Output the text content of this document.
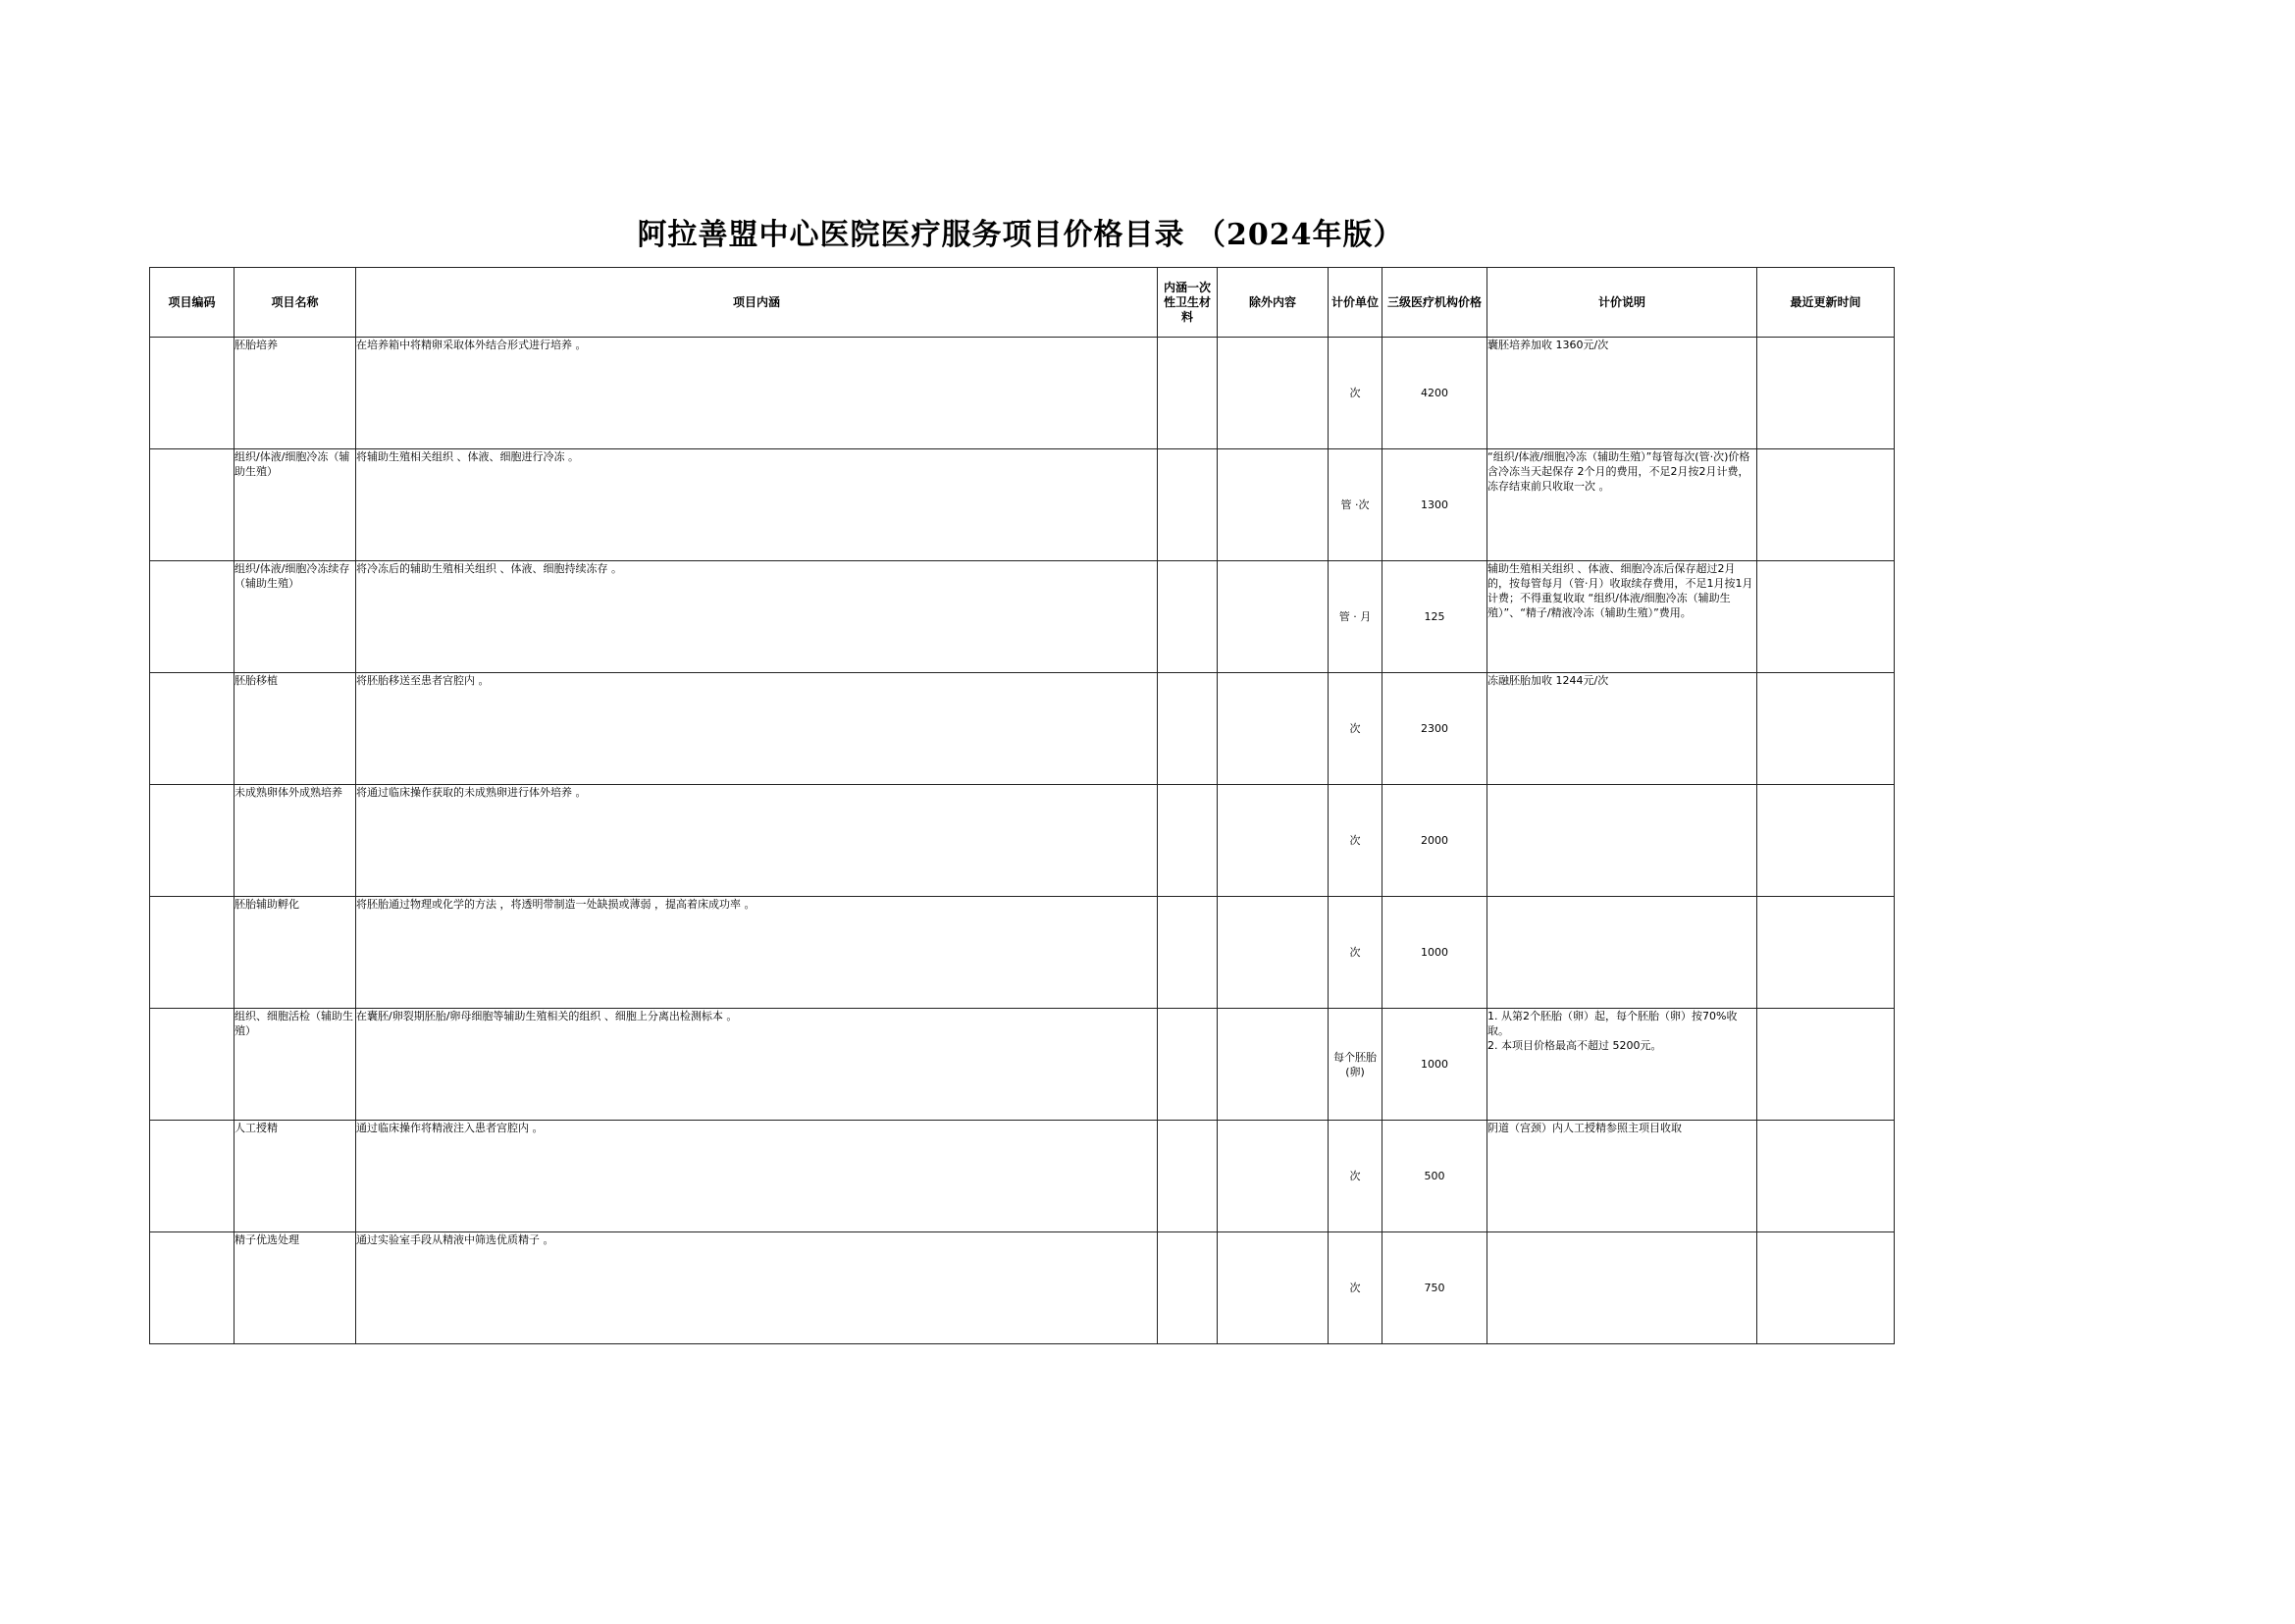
阿拉善盟中心医院医疗服务项目价格目录 （2024年版）
项目编码	项目名称	项目内涵	内涵一次性卫生材料	除外内容	计价单位	三级医疗机构价格	计价说明	最近更新时间
	胚胎培养	在培养箱中将精卵采取体外结合形式进行培养 。			次	4200	囊胚培养加收 1360元/次	
	组织/体液/细胞冷冻（辅助生殖）	将辅助生殖相关组织 、体液、细胞进行冷冻 。			管 ·次	1300	“组织/体液/细胞冷冻（辅助生殖）”每管每次(管·次)价格含冷冻当天起保存 2个月的费用，不足2月按2月计费，冻存结束前只收取一次 。	
	组织/体液/细胞冷冻续存（辅助生殖）	将冷冻后的辅助生殖相关组织 、体液、细胞持续冻存 。			管 · 月	125	辅助生殖相关组织 、体液、细胞冷冻后保存超过2月的，按每管每月（管·月）收取续存费用，不足1月按1月计费；不得重复收取 “组织/体液/细胞冷冻（辅助生殖）”、“精子/精液冷冻（辅助生殖）”费用。	
	胚胎移植	将胚胎移送至患者宫腔内 。			次	2300	冻融胚胎加收 1244元/次	
	未成熟卵体外成熟培养	将通过临床操作获取的未成熟卵进行体外培养 。			次	2000		
	胚胎辅助孵化	将胚胎通过物理或化学的方法 ，将透明带制造一处缺损或薄弱 ，提高着床成功率 。			次	1000		
	组织、细胞活检（辅助生殖）	在囊胚/卵裂期胚胎/卵母细胞等辅助生殖相关的组织 、细胞上分离出检测标本 。			每个胚胎(卵)	1000	1. 从第2个胚胎（卵）起，每个胚胎（卵）按70%收取。
2. 本项目价格最高不超过 5200元。	
	人工授精	通过临床操作将精液注入患者宫腔内 。			次	500	阴道（宫颈）内人工授精参照主项目收取	
	精子优选处理	通过实验室手段从精液中筛选优质精子 。			次	750		
